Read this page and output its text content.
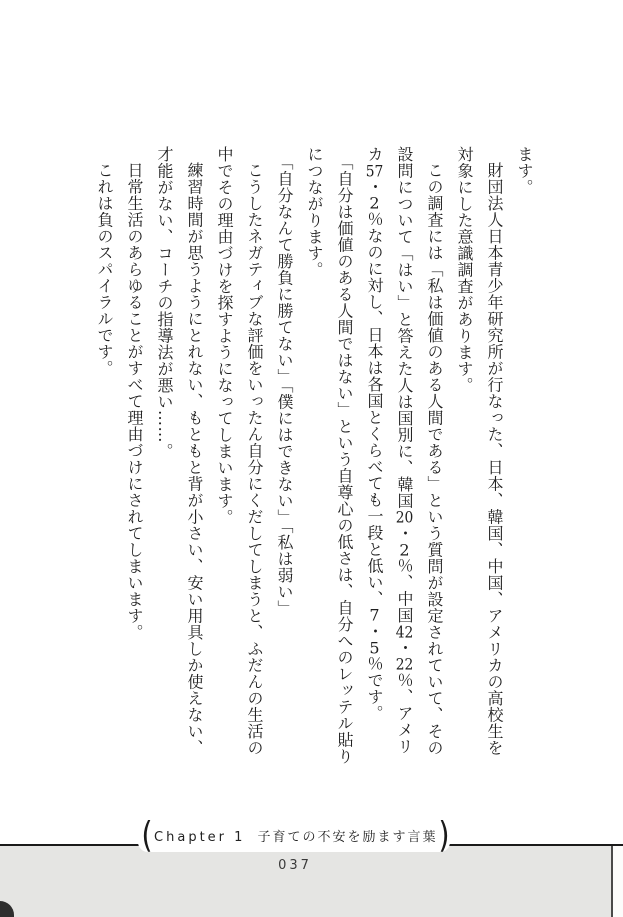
ます。

財団法人日本青少年研究所が行なった、日本、韓国、中国、アメリカの高校生を

対象にした意識調査があります。

この調査には「私は価値のある人間である」という質問が設定されていて、その

設問について「はい」と答えた人は国別に、韓国20・2％、中国42・22％、アメリ

カ57・2％なのに対し、日本は各国とくらべても一段と低い、7・5％です。

「自分は価値のある人間ではない」という自尊心の低さは、自分へのレッテル貼り

につながります。

「自分なんて勝負に勝てない」「僕にはできない」「私は弱い」

こうしたネガティブな評価をいったん自分にくだしてしまうと、ふだんの生活の

中でその理由づけを探すようになってしまいます。

練習時間が思うようにとれない、もともと背が小さい、安い用具しか使えない、

才能がない、コーチの指導法が悪い……。

日常生活のあらゆることがすべて理由づけにされてしまいます。

これは負のスパイラルです。

( Chapter 1 子育ての不安を励ます言葉 )
037
